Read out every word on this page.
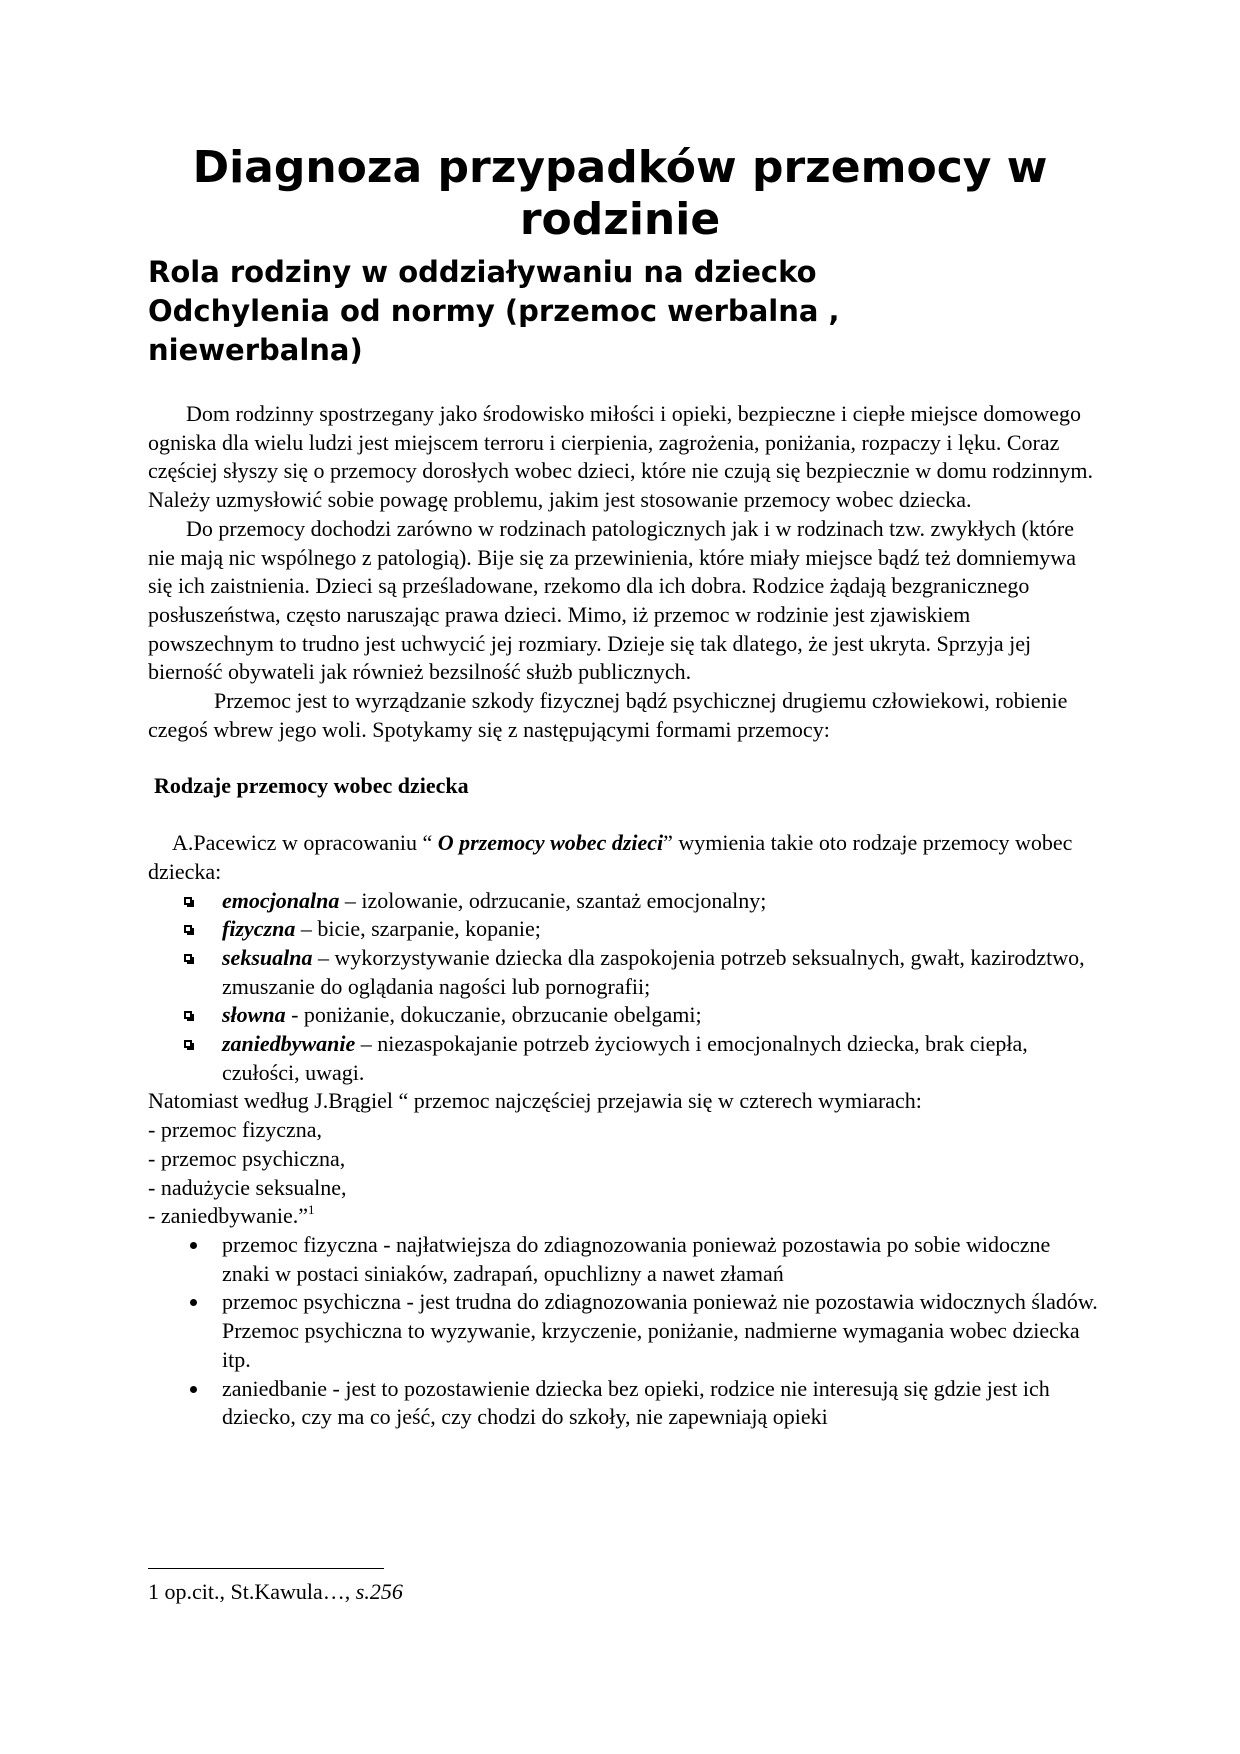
Diagnoza przypadków przemocy w rodzinie
Rola rodziny w oddziaływaniu na dziecko
Odchylenia od normy (przemoc werbalna ,
niewerbalna)

Dom rodzinny spostrzegany jako środowisko miłości i opieki, bezpieczne i ciepłe miejsce domowego ogniska dla wielu ludzi jest miejscem terroru i cierpienia, zagrożenia, poniżania, rozpaczy i lęku. Coraz częściej słyszy się o przemocy dorosłych wobec dzieci, które nie czują się bezpiecznie w domu rodzinnym. Należy uzmysłowić sobie powagę problemu, jakim jest stosowanie przemocy wobec dziecka.

Do przemocy dochodzi zarówno w rodzinach patologicznych jak i w rodzinach tzw. zwykłych (które nie mają nic wspólnego z patologią). Bije się za przewinienia, które miały miejsce bądź też domniemywa się ich zaistnienia. Dzieci są prześladowane, rzekomo dla ich dobra. Rodzice żądają bezgranicznego posłuszeństwa, często naruszając prawa dzieci. Mimo, iż przemoc w rodzinie jest zjawiskiem powszechnym to trudno jest uchwycić jej rozmiary. Dzieje się tak dlatego, że jest ukryta. Sprzyja jej bierność obywateli jak również bezsilność służb publicznych.

Przemoc jest to wyrządzanie szkody fizycznej bądź psychicznej drugiemu człowiekowi, robienie czegoś wbrew jego woli. Spotykamy się z następującymi formami przemocy:

Rodzaje przemocy wobec dziecka

A.Pacewicz w opracowaniu “ O przemocy wobec dzieci” wymienia takie oto rodzaje przemocy wobec dziecka:

emocjonalna – izolowanie, odrzucanie, szantaż emocjonalny;
fizyczna – bicie, szarpanie, kopanie;
seksualna – wykorzystywanie dziecka dla zaspokojenia potrzeb seksualnych, gwałt, kazirodztwo, zmuszanie do oglądania nagości lub pornografii;
słowna - poniżanie, dokuczanie, obrzucanie obelgami;
zaniedbywanie – niezaspokajanie potrzeb życiowych i emocjonalnych dziecka, brak ciepła, czułości, uwagi.

Natomiast według J.Brągiel “ przemoc najczęściej przejawia się w czterech wymiarach:

- przemoc fizyczna,

- przemoc psychiczna,

- nadużycie seksualne,

- zaniedbywanie.”$^1$

przemoc fizyczna - najłatwiejsza do zdiagnozowania ponieważ pozostawia po sobie widoczne znaki w postaci siniaków, zadrapań, opuchlizny a nawet złamań
przemoc psychiczna - jest trudna do zdiagnozowania ponieważ nie pozostawia widocznych śladów. Przemoc psychiczna to wyzywanie, krzyczenie, poniżanie, nadmierne wymagania wobec dziecka itp.
zaniedbanie - jest to pozostawienie dziecka bez opieki, rodzice nie interesują się gdzie jest ich dziecko, czy ma co jeść, czy chodzi do szkoły, nie zapewniają opieki
1 op.cit., St.Kawula…, s.256
